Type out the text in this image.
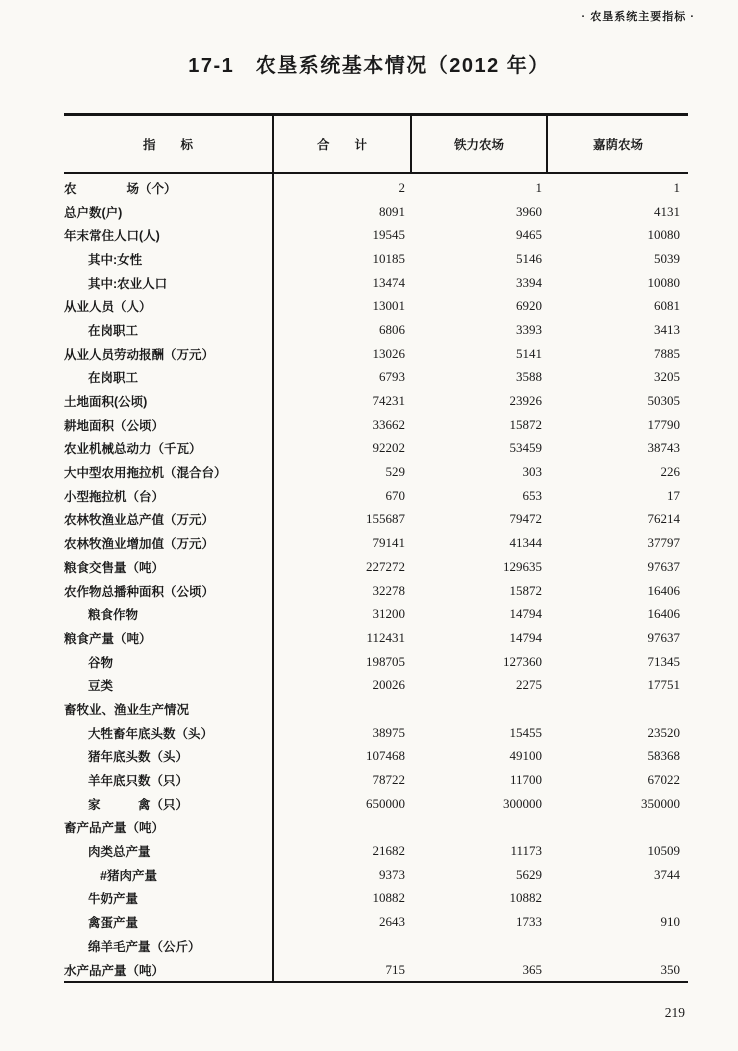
· 农垦系统主要指标 ·
17-1　农垦系统基本情况（2012 年）
指　　标	合　　计	铁力农场	嘉荫农场
农　　　　场（个）	2	1	1
总户数(户)	8091	3960	4131
年末常住人口(人)	19545	9465	10080
其中:女性	10185	5146	5039
其中:农业人口	13474	3394	10080
从业人员（人）	13001	6920	6081
在岗职工	6806	3393	3413
从业人员劳动报酬（万元）	13026	5141	7885
在岗职工	6793	3588	3205
土地面积(公顷)	74231	23926	50305
耕地面积（公顷）	33662	15872	17790
农业机械总动力（千瓦）	92202	53459	38743
大中型农用拖拉机（混合台）	529	303	226
小型拖拉机（台）	670	653	17
农林牧渔业总产值（万元）	155687	79472	76214
农林牧渔业增加值（万元）	79141	41344	37797
粮食交售量（吨）	227272	129635	97637
农作物总播种面积（公顷）	32278	15872	16406
粮食作物	31200	14794	16406
粮食产量（吨）	112431	14794	97637
谷物	198705	127360	71345
豆类	20026	2275	17751
畜牧业、渔业生产情况
大牲畜年底头数（头）	38975	15455	23520
猪年底头数（头）	107468	49100	58368
羊年底只数（只）	78722	11700	67022
家　　　禽（只）	650000	300000	350000
畜产品产量（吨）
肉类总产量	21682	11173	10509
#猪肉产量	9373	5629	3744
牛奶产量	10882	10882
禽蛋产量	2643	1733	910
绵羊毛产量（公斤）
水产品产量（吨）	715	365	350
219
